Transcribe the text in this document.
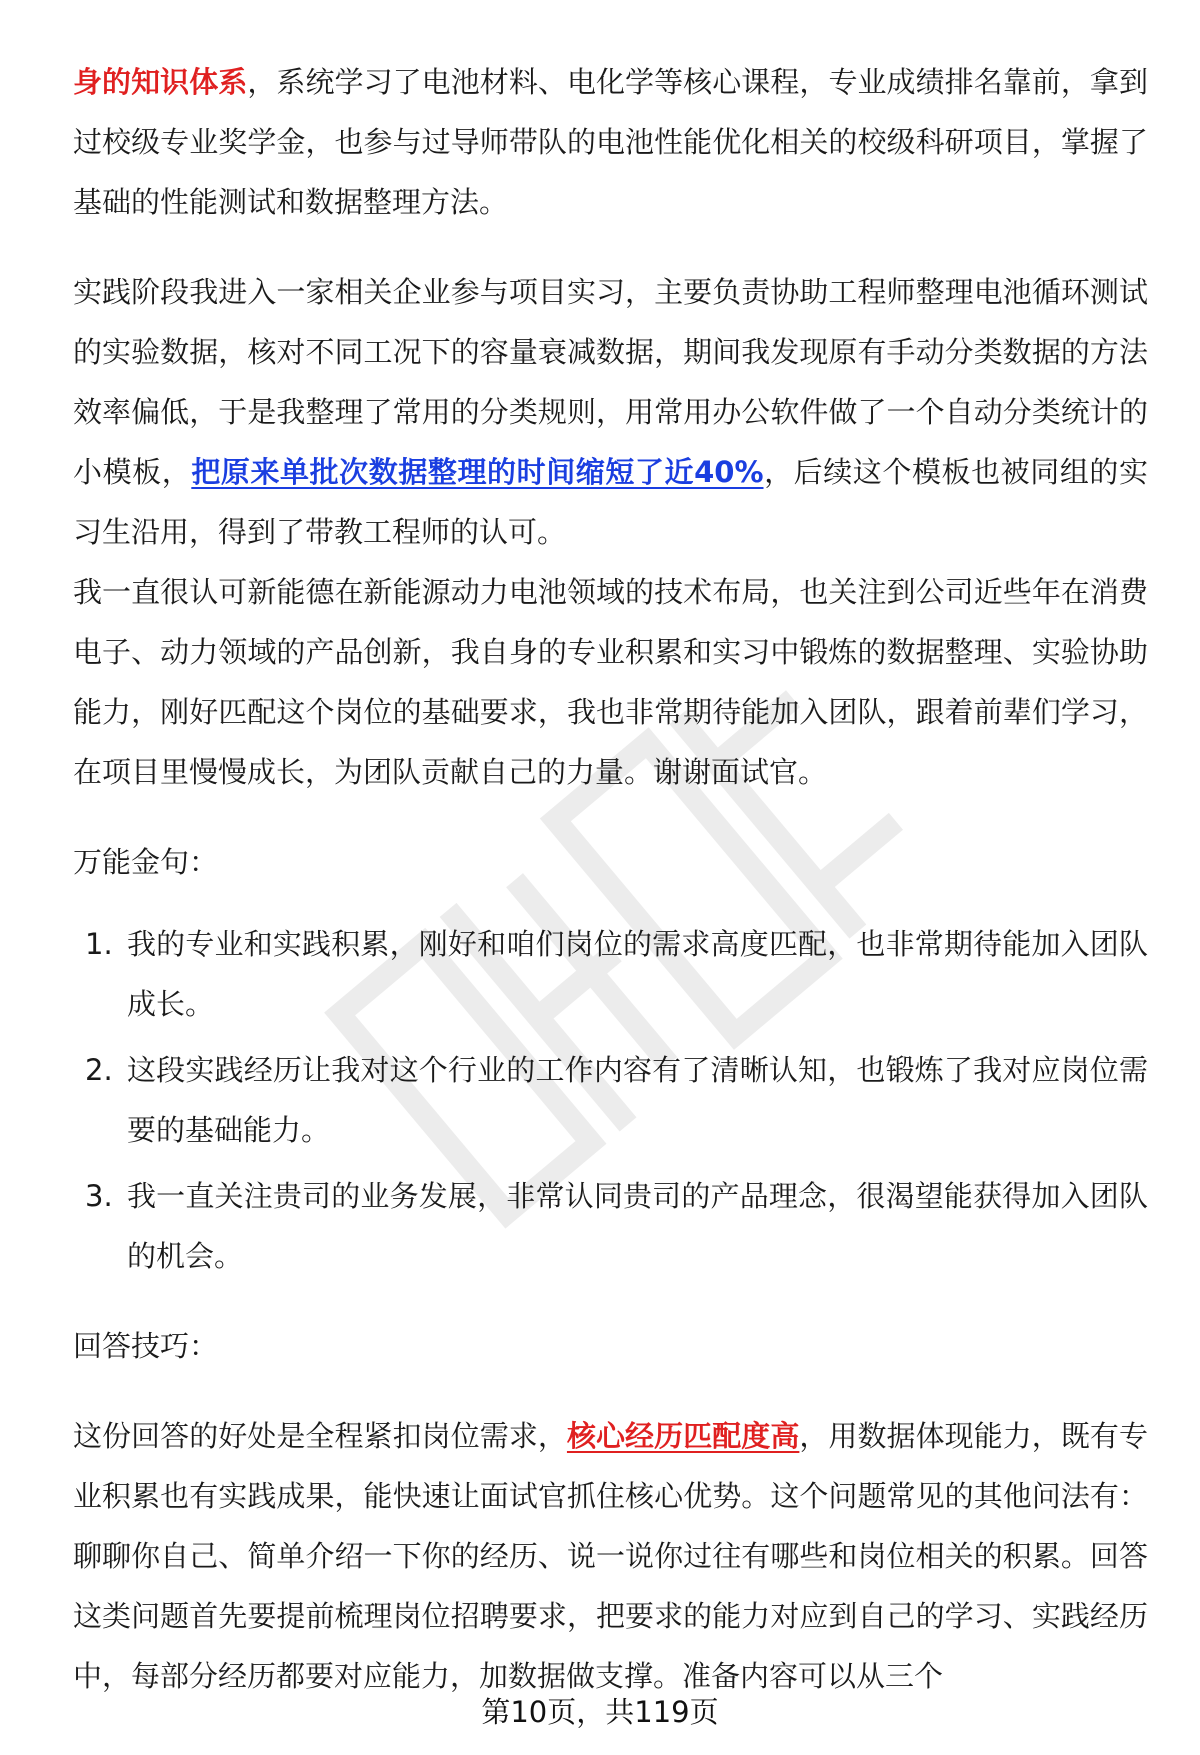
身的知识体系，系统学习了电池材料、电化学等核心课程，专业成绩排名靠前，拿到过校级专业奖学金，也参与过导师带队的电池性能优化相关的校级科研项目，掌握了基础的性能测试和数据整理方法。

实践阶段我进入一家相关企业参与项目实习，主要负责协助工程师整理电池循环测试的实验数据，核对不同工况下的容量衰减数据，期间我发现原有手动分类数据的方法效率偏低，于是我整理了常用的分类规则，用常用办公软件做了一个自动分类统计的小模板，把原来单批次数据整理的时间缩短了近40%，后续这个模板也被同组的实习生沿用，得到了带教工程师的认可。

我一直很认可新能德在新能源动力电池领域的技术布局，也关注到公司近些年在消费电子、动力领域的产品创新，我自身的专业积累和实习中锻炼的数据整理、实验协助能力，刚好匹配这个岗位的基础要求，我也非常期待能加入团队，跟着前辈们学习，在项目里慢慢成长，为团队贡献自己的力量。谢谢面试官。

万能金句：

1. 我的专业和实践积累，刚好和咱们岗位的需求高度匹配，也非常期待能加入团队成长。
2. 这段实践经历让我对这个行业的工作内容有了清晰认知，也锻炼了我对应岗位需要的基础能力。
3. 我一直关注贵司的业务发展，非常认同贵司的产品理念，很渴望能获得加入团队的机会。

回答技巧：

这份回答的好处是全程紧扣岗位需求，核心经历匹配度高，用数据体现能力，既有专业积累也有实践成果，能快速让面试官抓住核心优势。这个问题常见的其他问法有：聊聊你自己、简单介绍一下你的经历、说一说你过往有哪些和岗位相关的积累。回答这类问题首先要提前梳理岗位招聘要求，把要求的能力对应到自己的学习、实践经历中，每部分经历都要对应能力，加数据做支撑。准备内容可以从三个

第10页，共119页
